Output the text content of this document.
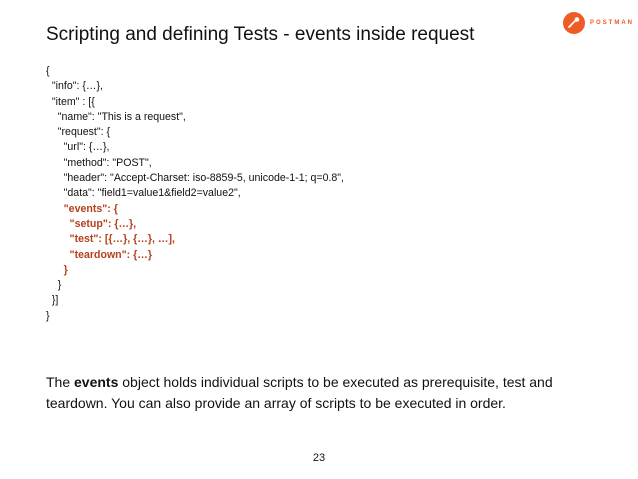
Scripting and defining Tests - events inside request
POSTMAN
{
"info": {…},
"item" : [{
"name": "This is a request",
"request": {
"url": {…},
"method": "POST",
"header": "Accept-Charset: iso-8859-5, unicode-1-1; q=0.8",
"data": "field1=value1&field2=value2",
"events": {
"setup": {…},
"test": [{…}, {…}, …],
"teardown": {…}
}
}
}]
}
The events object holds individual scripts to be executed as prerequisite, test and teardown. You can also provide an array of scripts to be executed in order.
23
